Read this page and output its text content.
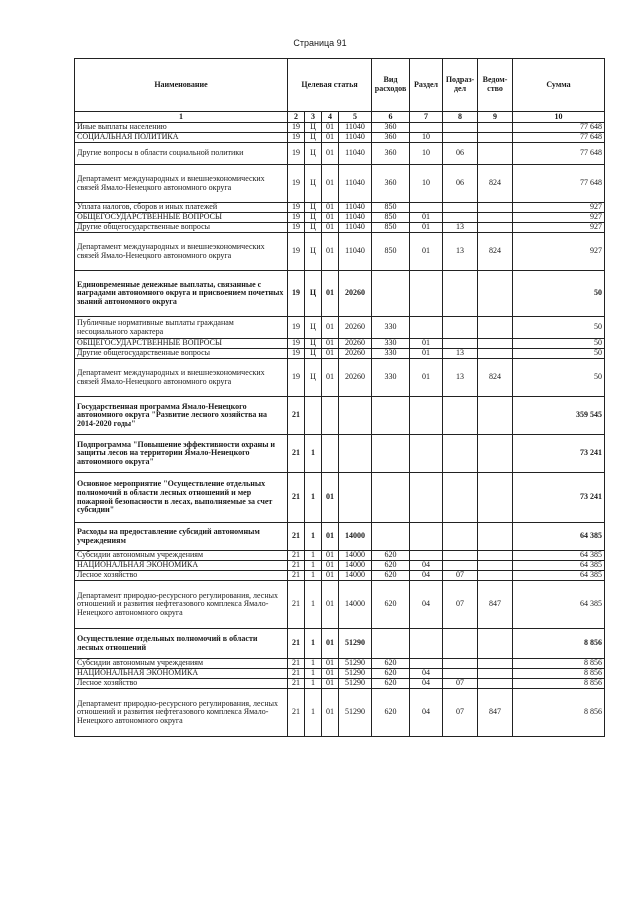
Страница 91
Наименование	Целевая статья				Вид расходов	Раздел	Подраз-дел	Ведом-ство	Сумма
1	2	3	4	5	6	7	8	9	10
Иные выплаты населению	19	Ц	01	11040	360				77 648
СОЦИАЛЬНАЯ ПОЛИТИКА	19	Ц	01	11040	360	10			77 648
Другие вопросы в области социальной политики	19	Ц	01	11040	360	10	06		77 648
Департамент международных и внешнеэкономических связей Ямало-Ненецкого автономного округа	19	Ц	01	11040	360	10	06	824	77 648
Уплата налогов, сборов и иных платежей	19	Ц	01	11040	850				927
ОБЩЕГОСУДАРСТВЕННЫЕ ВОПРОСЫ	19	Ц	01	11040	850	01			927
Другие общегосударственные вопросы	19	Ц	01	11040	850	01	13		927
Департамент международных и внешнеэкономических связей Ямало-Ненецкого автономного округа	19	Ц	01	11040	850	01	13	824	927
Единовременные денежные выплаты, связанные с наградами автономного округа и присвоением почетных званий автономного округа	19	Ц	01	20260					50
Публичные нормативные выплаты гражданам несоциального характера	19	Ц	01	20260	330				50
ОБЩЕГОСУДАРСТВЕННЫЕ ВОПРОСЫ	19	Ц	01	20260	330	01			50
Другие общегосударственные вопросы	19	Ц	01	20260	330	01	13		50
Департамент международных и внешнеэкономических связей Ямало-Ненецкого автономного округа	19	Ц	01	20260	330	01	13	824	50
Государственная программа Ямало-Ненецкого автономного округа "Развитие лесного хозяйства на 2014-2020 годы"	21								359 545
Подпрограмма "Повышение эффективности охраны и защиты лесов на территории Ямало-Ненецкого автономного округа"	21	1							73 241
Основное мероприятие "Осуществление отдельных полномочий в области лесных отношений и мер пожарной безопасности в лесах, выполняемые за счет субсидии"	21	1	01						73 241
Расходы на предоставление субсидий автономным учреждениям	21	1	01	14000					64 385
Субсидии автономным учреждениям	21	1	01	14000	620				64 385
НАЦИОНАЛЬНАЯ ЭКОНОМИКА	21	1	01	14000	620	04			64 385
Лесное хозяйство	21	1	01	14000	620	04	07		64 385
Департамент природно-ресурсного регулирования, лесных отношений и развития нефтегазового комплекса Ямало-Ненецкого автономного округа	21	1	01	14000	620	04	07	847	64 385
Осуществление отдельных полномочий в области лесных отношений	21	1	01	51290					8 856
Субсидии автономным учреждениям	21	1	01	51290	620				8 856
НАЦИОНАЛЬНАЯ ЭКОНОМИКА	21	1	01	51290	620	04			8 856
Лесное хозяйство	21	1	01	51290	620	04	07		8 856
Департамент природно-ресурсного регулирования, лесных отношений и развития нефтегазового комплекса Ямало-Ненецкого автономного округа	21	1	01	51290	620	04	07	847	8 856
